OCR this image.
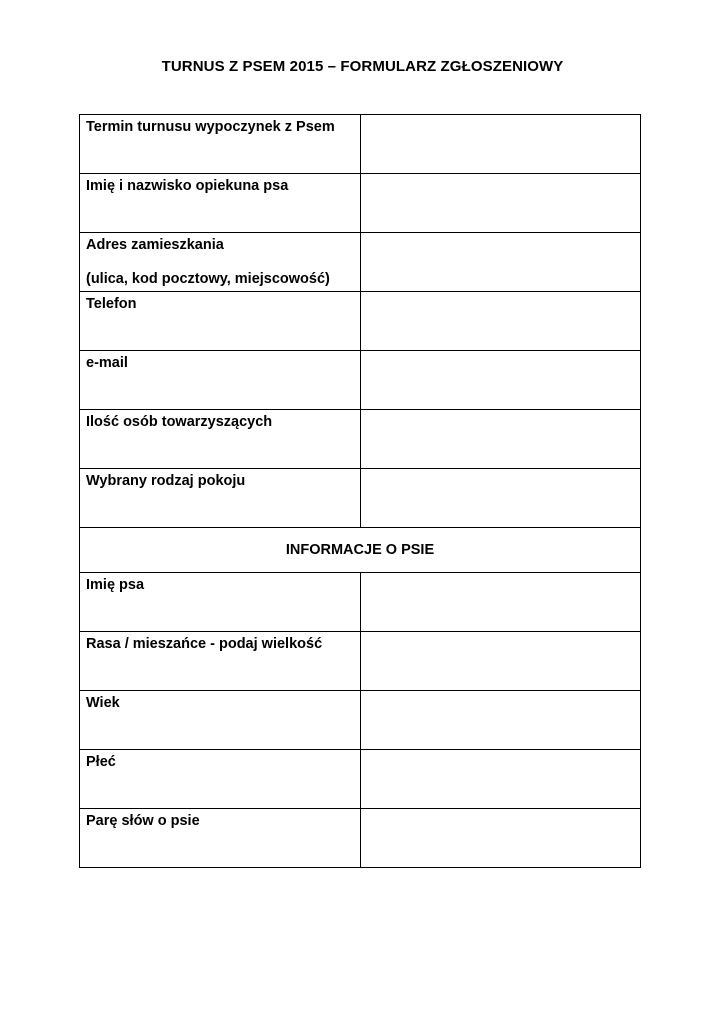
TURNUS Z PSEM 2015 – FORMULARZ ZGŁOSZENIOWY
Termin turnusu wypoczynek z Psem	
Imię i nazwisko opiekuna psa	
Adres zamieszkania
(ulica, kod pocztowy, miejscowość)	

Telefon	
e-mail	
Ilość osób towarzyszących	
Wybrany rodzaj pokoju	
INFORMACJE O PSIE	
Imię psa	
Rasa / mieszańce - podaj wielkość	
Wiek	
Płeć	
Parę słów o psie	
